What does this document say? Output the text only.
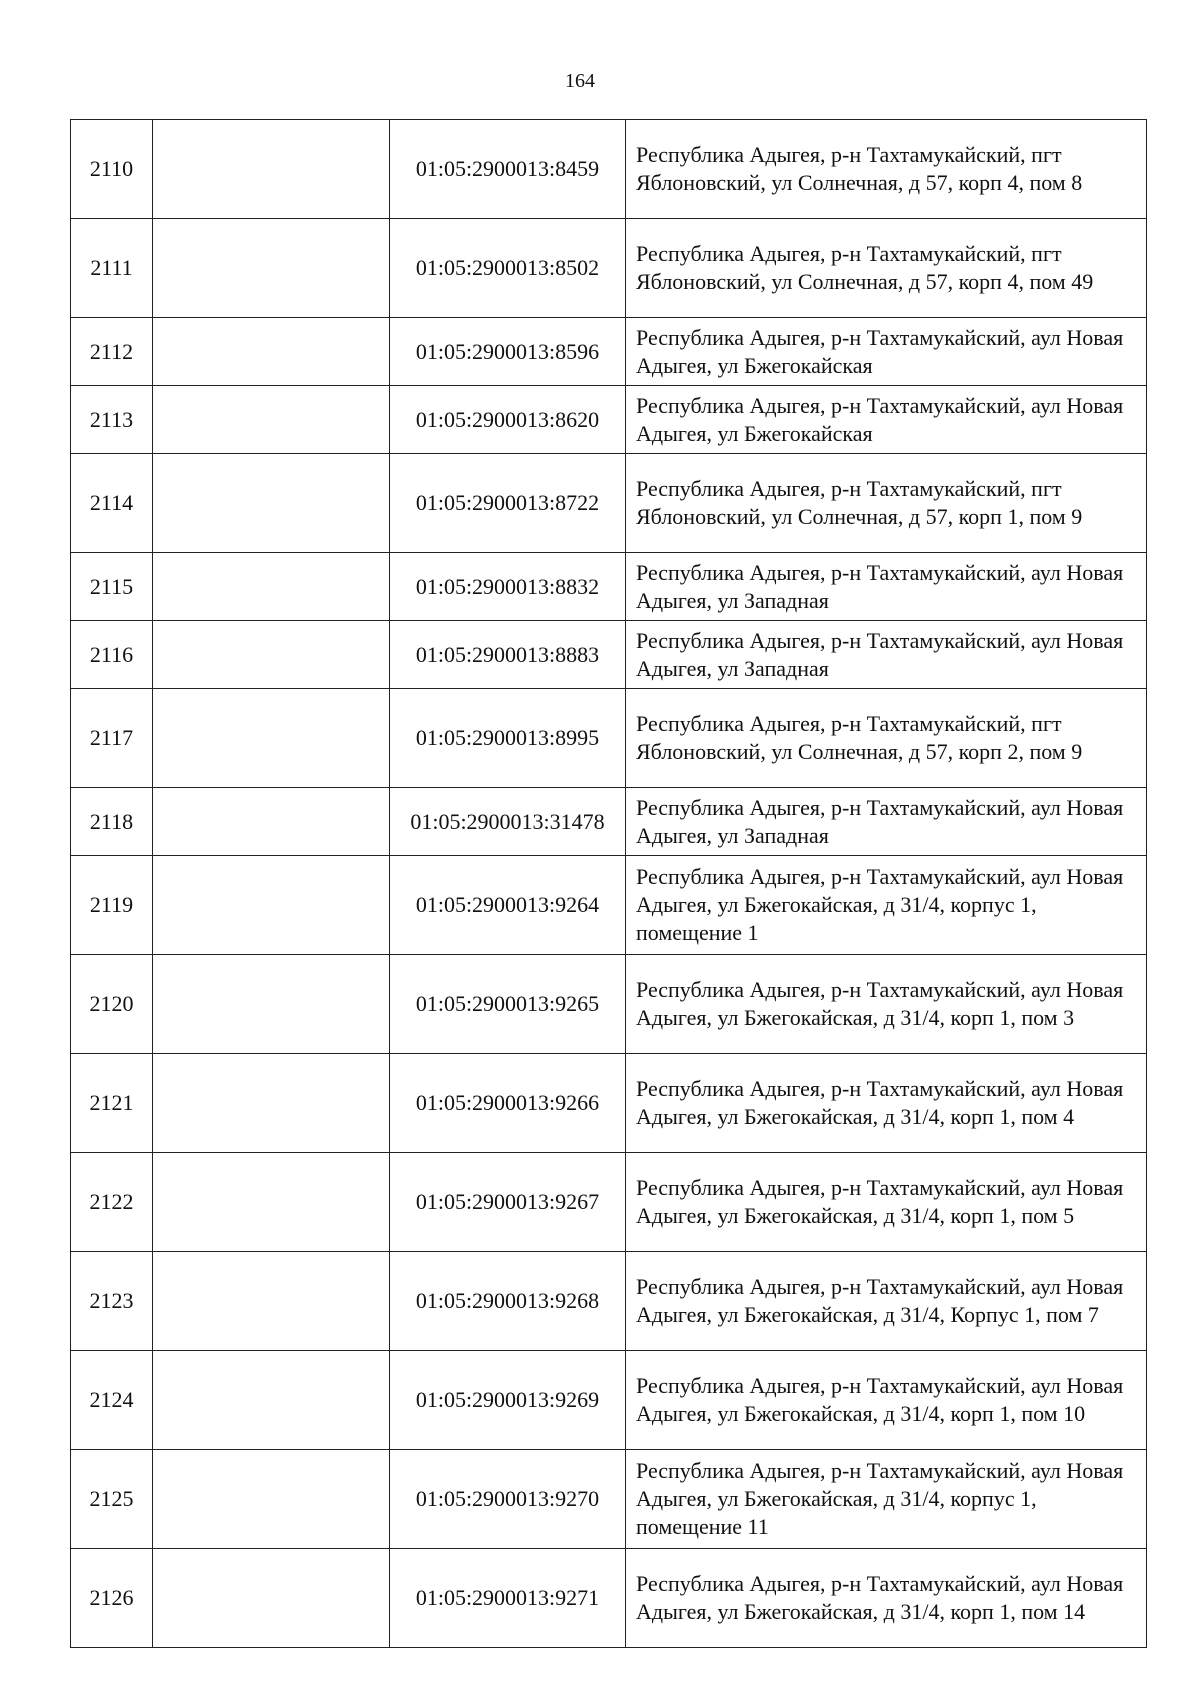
164
2110		01:05:2900013:8459	Республика Адыгея, р-н Тахтамукайский, пгт Яблоновский, ул Солнечная, д 57, корп 4, пом 8
2111		01:05:2900013:8502	Республика Адыгея, р-н Тахтамукайский, пгт Яблоновский, ул Солнечная, д 57, корп 4, пом 49
2112		01:05:2900013:8596	Республика Адыгея, р-н Тахтамукайский, аул Новая Адыгея, ул Бжегокайская
2113		01:05:2900013:8620	Республика Адыгея, р-н Тахтамукайский, аул Новая Адыгея, ул Бжегокайская
2114		01:05:2900013:8722	Республика Адыгея, р-н Тахтамукайский, пгт Яблоновский, ул Солнечная, д 57, корп 1, пом 9
2115		01:05:2900013:8832	Республика Адыгея, р-н Тахтамукайский, аул Новая Адыгея, ул Западная
2116		01:05:2900013:8883	Республика Адыгея, р-н Тахтамукайский, аул Новая Адыгея, ул Западная
2117		01:05:2900013:8995	Республика Адыгея, р-н Тахтамукайский, пгт Яблоновский, ул Солнечная, д 57, корп 2, пом 9
2118		01:05:2900013:31478	Республика Адыгея, р-н Тахтамукайский, аул Новая Адыгея, ул Западная
2119		01:05:2900013:9264	Республика Адыгея, р-н Тахтамукайский, аул Новая Адыгея, ул Бжегокайская, д 31/4, корпус 1, помещение 1
2120		01:05:2900013:9265	Республика Адыгея, р-н Тахтамукайский, аул Новая Адыгея, ул Бжегокайская, д 31/4, корп 1, пом 3
2121		01:05:2900013:9266	Республика Адыгея, р-н Тахтамукайский, аул Новая Адыгея, ул Бжегокайская, д 31/4, корп 1, пом 4
2122		01:05:2900013:9267	Республика Адыгея, р-н Тахтамукайский, аул Новая Адыгея, ул Бжегокайская, д 31/4, корп 1, пом 5
2123		01:05:2900013:9268	Республика Адыгея, р-н Тахтамукайский, аул Новая Адыгея, ул Бжегокайская, д 31/4, Корпус 1, пом 7
2124		01:05:2900013:9269	Республика Адыгея, р-н Тахтамукайский, аул Новая Адыгея, ул Бжегокайская, д 31/4, корп 1, пом 10
2125		01:05:2900013:9270	Республика Адыгея, р-н Тахтамукайский, аул Новая Адыгея, ул Бжегокайская, д 31/4, корпус 1, помещение 11
2126		01:05:2900013:9271	Республика Адыгея, р-н Тахтамукайский, аул Новая Адыгея, ул Бжегокайская, д 31/4, корп 1, пом 14
